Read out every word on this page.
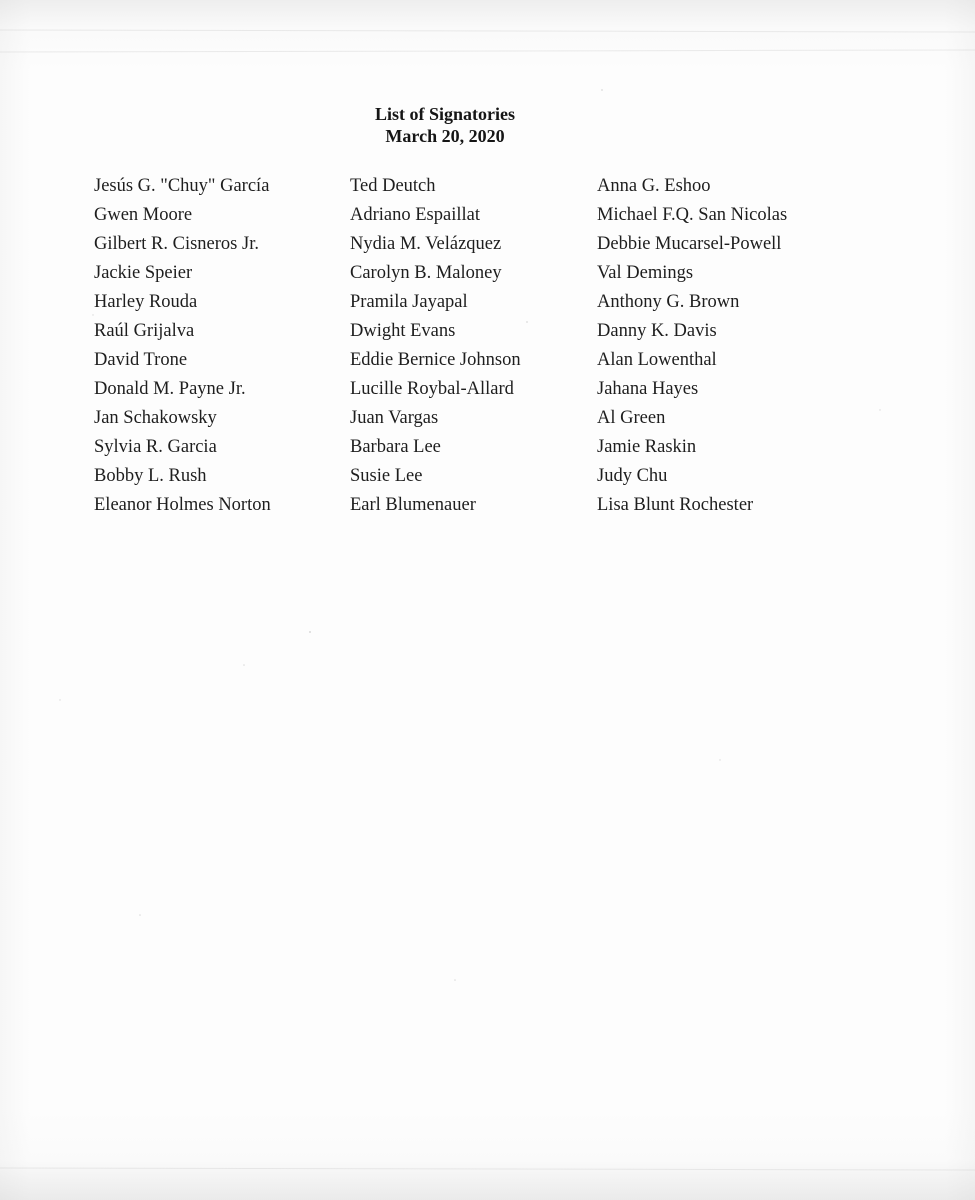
List of Signatories
March 20, 2020
Jesús G. "Chuy" García
Gwen Moore
Gilbert R. Cisneros Jr.
Jackie Speier
Harley Rouda
Raúl Grijalva
David Trone
Donald M. Payne Jr.
Jan Schakowsky
Sylvia R. Garcia
Bobby L. Rush
Eleanor Holmes Norton
Ted Deutch
Adriano Espaillat
Nydia M. Velázquez
Carolyn B. Maloney
Pramila Jayapal
Dwight Evans
Eddie Bernice Johnson
Lucille Roybal-Allard
Juan Vargas
Barbara Lee
Susie Lee
Earl Blumenauer
Anna G. Eshoo
Michael F.Q. San Nicolas
Debbie Mucarsel-Powell
Val Demings
Anthony G. Brown
Danny K. Davis
Alan Lowenthal
Jahana Hayes
Al Green
Jamie Raskin
Judy Chu
Lisa Blunt Rochester
